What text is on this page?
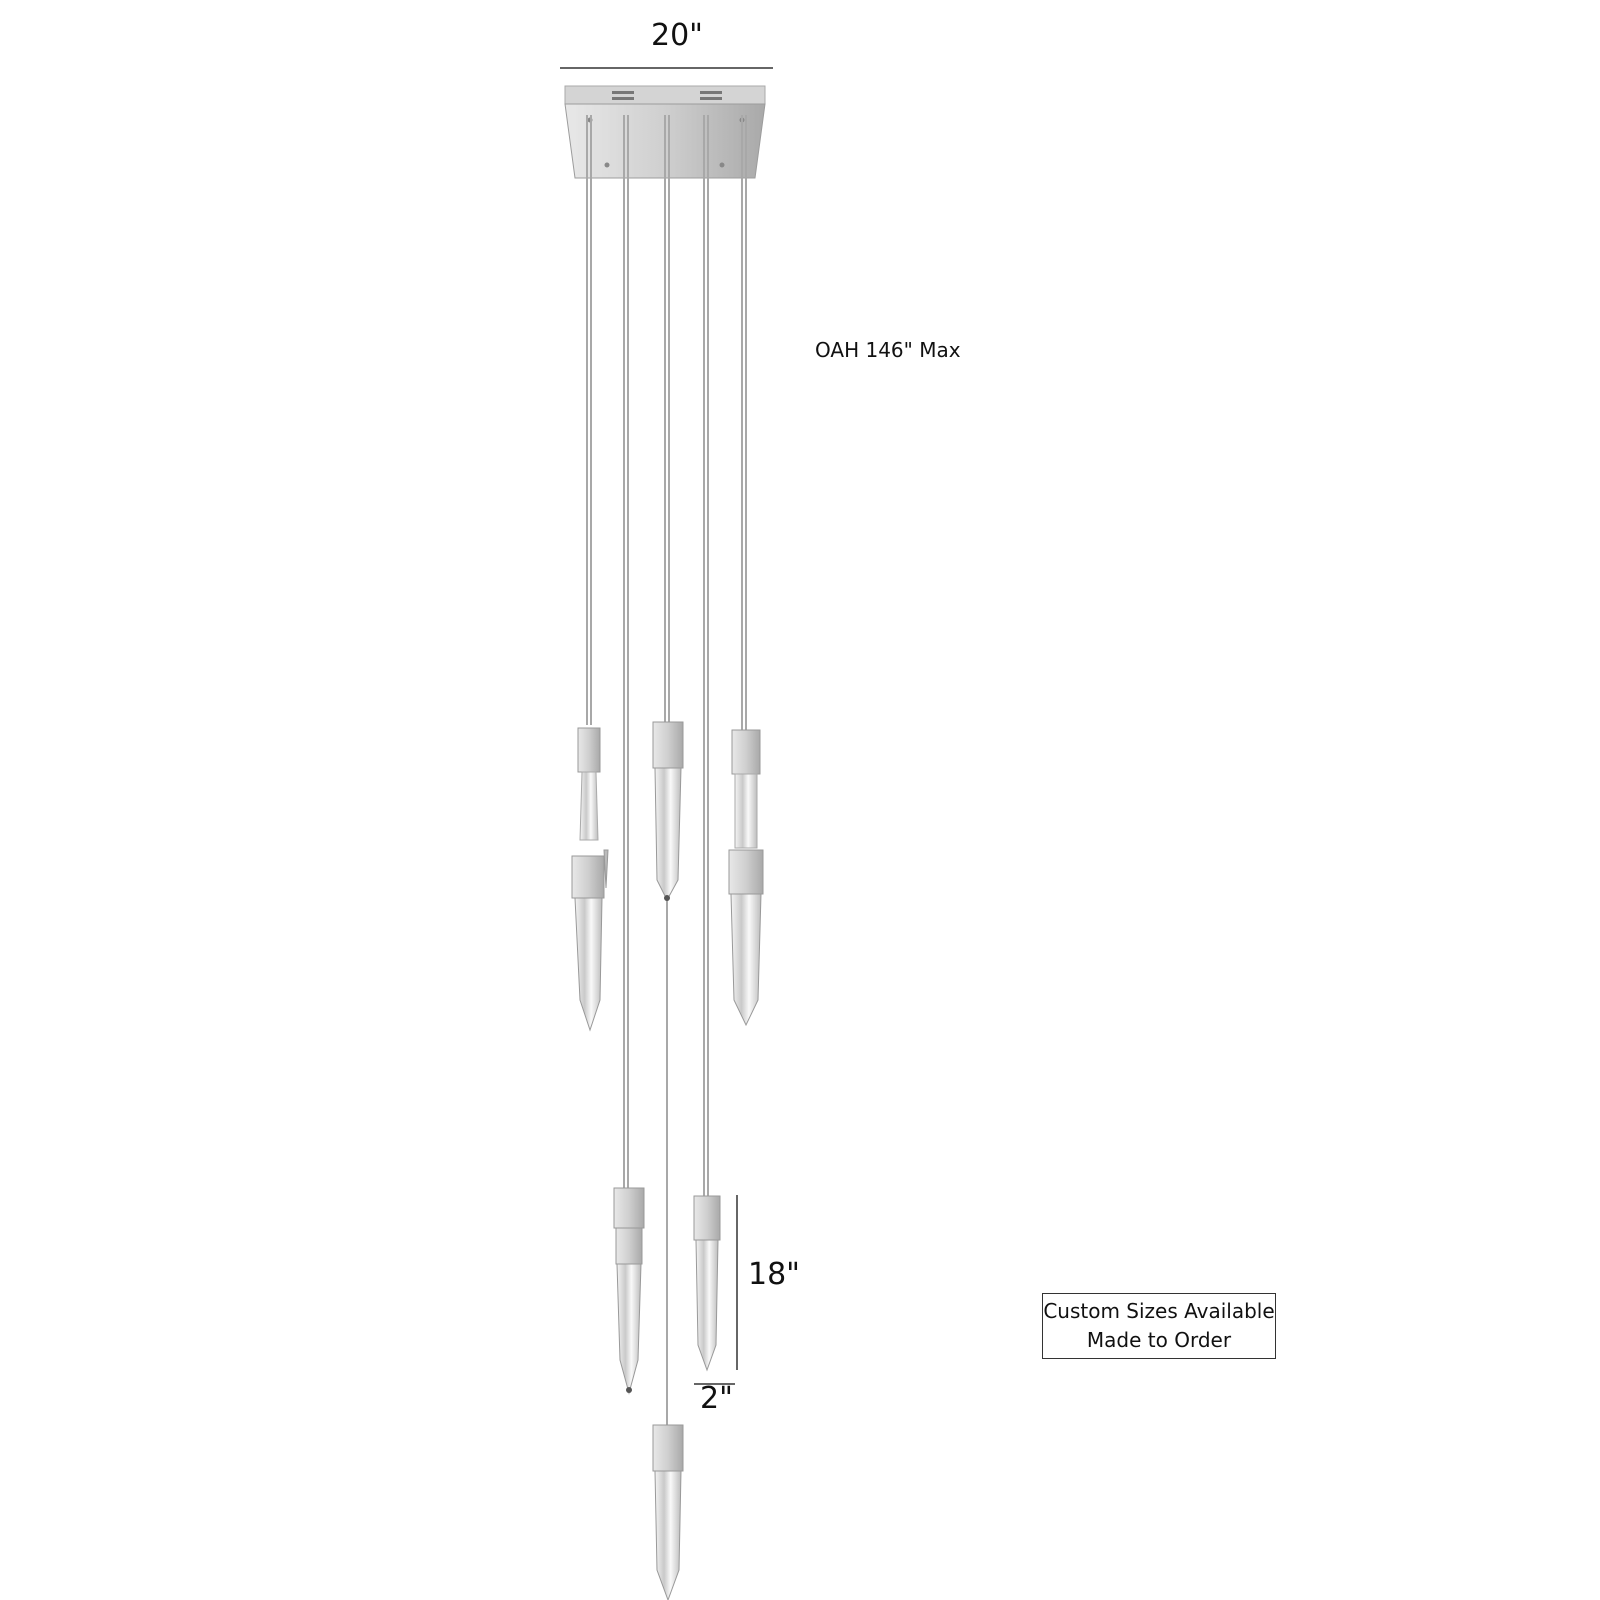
20"
OAH 146" Max
18"
2"
Custom Sizes Available
Made to Order
